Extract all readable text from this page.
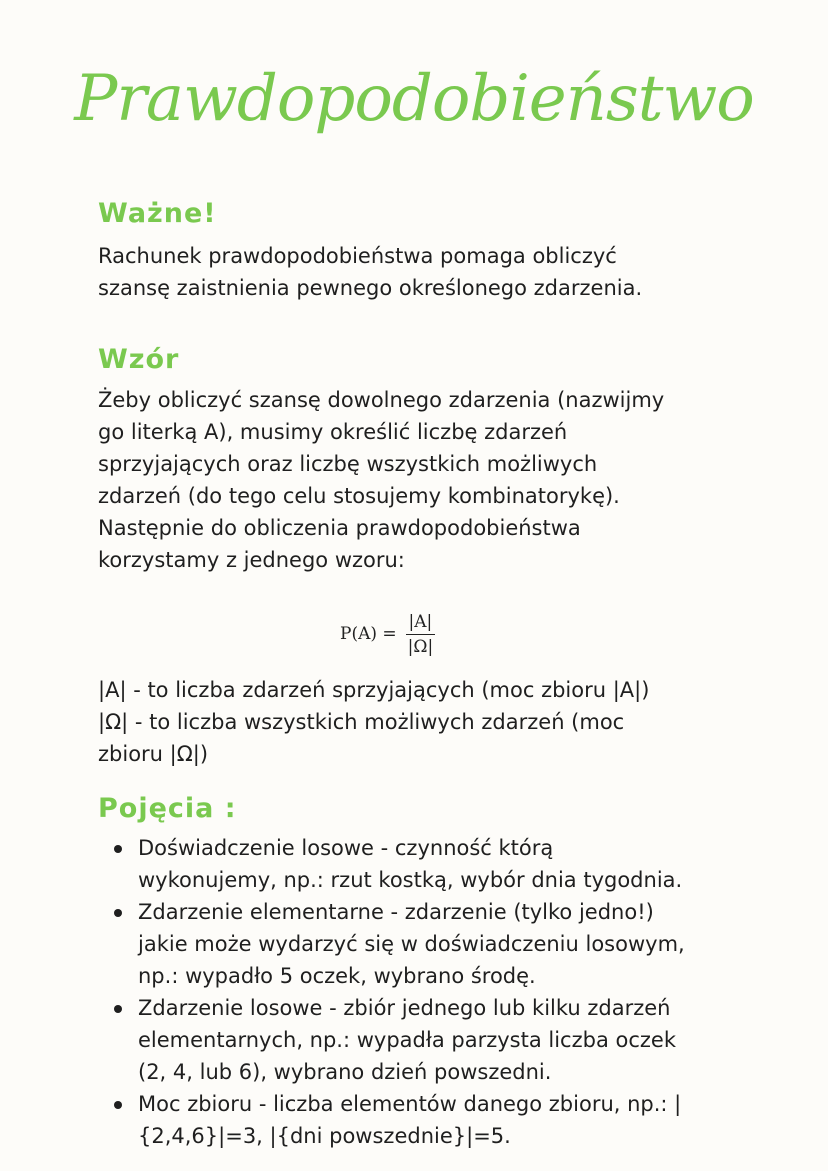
Prawdopodobieństwo
Ważne!
Rachunek prawdopodobieństwa pomaga obliczyć
szansę zaistnienia pewnego określonego zdarzenia.
Wzór
Żeby obliczyć szansę dowolnego zdarzenia (nazwijmy
go literką A), musimy określić liczbę zdarzeń
sprzyjających oraz liczbę wszystkich możliwych
zdarzeń (do tego celu stosujemy kombinatorykę).
Następnie do obliczenia prawdopodobieństwa
korzystamy z jednego wzoru:
$P(A) = \frac{|A|}{|\Omega|}$
|A| - to liczba zdarzeń sprzyjających (moc zbioru |A|)
|Ω| - to liczba wszystkich możliwych zdarzeń (moc
zbioru |Ω|)
Pojęcia :
Doświadczenie losowe - czynność którą
wykonujemy, np.: rzut kostką, wybór dnia tygodnia.
Zdarzenie elementarne - zdarzenie (tylko jedno!)
jakie może wydarzyć się w doświadczeniu losowym,
np.: wypadło 5 oczek, wybrano środę.
Zdarzenie losowe - zbiór jednego lub kilku zdarzeń
elementarnych, np.: wypadła parzysta liczba oczek
(2, 4, lub 6), wybrano dzień powszedni.
Moc zbioru - liczba elementów danego zbioru, np.: |
{2,4,6}|=3, |{dni powszednie}|=5.
